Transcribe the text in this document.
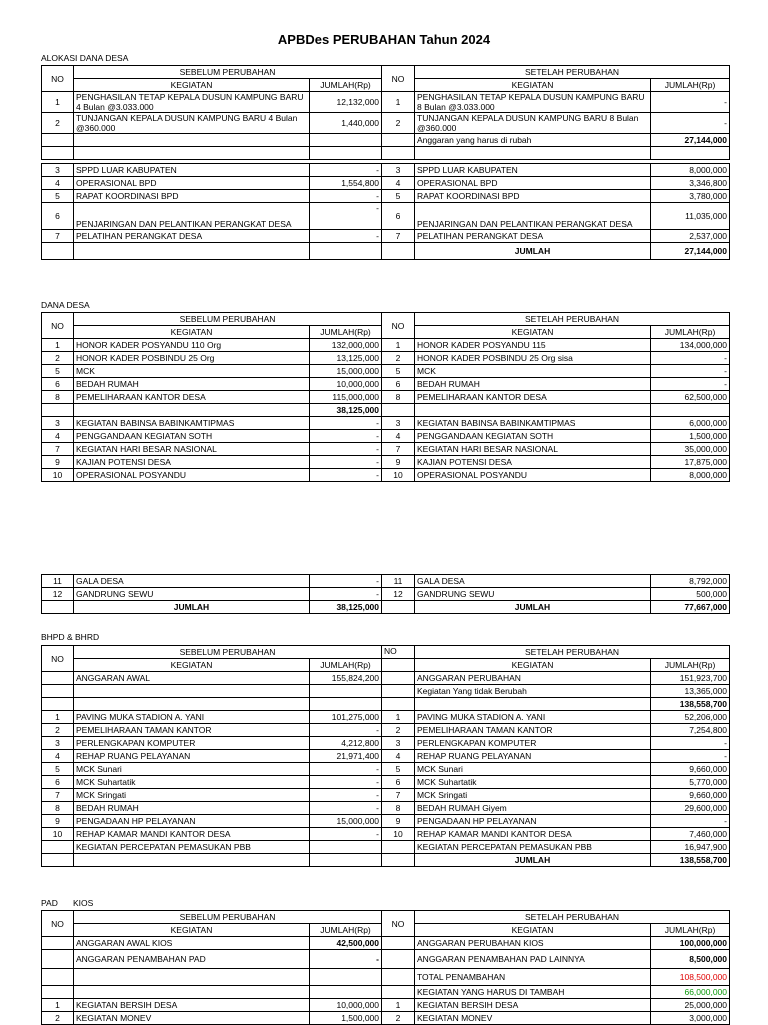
APBDes PERUBAHAN Tahun 2024
ALOKASI DANA DESA
NO	SEBELUM PERUBAHAN		NO	SETELAH PERUBAHAN	
	KEGIATAN	JUMLAH(Rp)		KEGIATAN	JUMLAH(Rp)
1	PENGHASILAN TETAP KEPALA DUSUN KAMPUNG BARU 4 Bulan @3.033.000	12,132,000	1	PENGHASILAN TETAP KEPALA DUSUN KAMPUNG BARU 8 Bulan @3.033.000	-
2	TUNJANGAN KEPALA DUSUN KAMPUNG BARU 4 Bulan @360.000	1,440,000	2	TUNJANGAN KEPALA DUSUN KAMPUNG BARU 8 Bulan @360.000	-
				Anggaran yang harus di rubah	27,144,000

3	SPPD LUAR KABUPATEN	-	3	SPPD LUAR KABUPATEN	8,000,000
4	OPERASIONAL BPD	1,554,800	4	OPERASIONAL BPD	3,346,800
5	RAPAT KOORDINASI BPD	-	5	RAPAT KOORDINASI BPD	3,780,000
6	PENJARINGAN DAN PELANTIKAN PERANGKAT DESA	-	6	PENJARINGAN DAN PELANTIKAN PERANGKAT DESA	11,035,000
7	PELATIHAN PERANGKAT DESA	-	7	PELATIHAN PERANGKAT DESA	2,537,000
				JUMLAH	27,144,000
DANA DESA
NO	SEBELUM PERUBAHAN		NO	SETELAH PERUBAHAN	
	KEGIATAN	JUMLAH(Rp)		KEGIATAN	JUMLAH(Rp)
1	HONOR KADER POSYANDU 110 Org	132,000,000	1	HONOR KADER POSYANDU 115	134,000,000
2	HONOR KADER POSBINDU 25 Org	13,125,000	2	HONOR KADER POSBINDU 25 Org sisa	-
5	MCK	15,000,000	5	MCK	-
6	BEDAH RUMAH	10,000,000	6	BEDAH RUMAH	-
8	PEMELIHARAAN KANTOR DESA	115,000,000	8	PEMELIHARAAN KANTOR DESA	62,500,000
		38,125,000			
3	KEGIATAN BABINSA BABINKAMTIPMAS	-	3	KEGIATAN BABINSA BABINKAMTIPMAS	6,000,000
4	PENGGANDAAN KEGIATAN SOTH	-	4	PENGGANDAAN KEGIATAN SOTH	1,500,000
7	KEGIATAN HARI BESAR NASIONAL	-	7	KEGIATAN HARI BESAR NASIONAL	35,000,000
9	KAJIAN POTENSI DESA	-	9	KAJIAN POTENSI DESA	17,875,000
10	OPERASIONAL POSYANDU	-	10	OPERASIONAL POSYANDU	8,000,000
11	GALA DESA	-	11	GALA DESA	8,792,000
12	GANDRUNG SEWU	-	12	GANDRUNG SEWU	500,000
	JUMLAH	38,125,000		JUMLAH	77,667,000
BHPD & BHRD
NO	SEBELUM PERUBAHAN		NO	SETELAH PERUBAHAN	
	KEGIATAN	JUMLAH(Rp)		KEGIATAN	JUMLAH(Rp)
	ANGGARAN AWAL	155,824,200		ANGGARAN PERUBAHAN	151,923,700
				Kegiatan Yang tidak Berubah	13,365,000
					138,558,700
1	PAVING MUKA STADION A. YANI	101,275,000	1	PAVING MUKA STADION A. YANI	52,206,000
2	PEMELIHARAAN TAMAN KANTOR	-	2	PEMELIHARAAN TAMAN KANTOR	7,254,800
3	PERLENGKAPAN KOMPUTER	4,212,800	3	PERLENGKAPAN KOMPUTER	-
4	REHAP RUANG PELAYANAN	21,971,400	4	REHAP RUANG PELAYANAN	-
5	MCK Sunari	-	5	MCK Sunari	9,660,000
6	MCK Suhartatik	-	6	MCK Suhartatik	5,770,000
7	MCK Sringati	-	7	MCK Sringati	9,660,000
8	BEDAH RUMAH	-	8	BEDAH RUMAH Giyem	29,600,000
9	PENGADAAN HP PELAYANAN	15,000,000	9	PENGADAAN HP PELAYANAN	-
10	REHAP KAMAR MANDI KANTOR DESA	-	10	REHAP KAMAR MANDI KANTOR DESA	7,460,000
	KEGIATAN PERCEPATAN PEMASUKAN PBB			KEGIATAN PERCEPATAN PEMASUKAN PBB	16,947,900
				JUMLAH	138,558,700
PAD KIOS
NO	SEBELUM PERUBAHAN		NO	SETELAH PERUBAHAN	
	KEGIATAN	JUMLAH(Rp)		KEGIATAN	JUMLAH(Rp)
	ANGGARAN AWAL KIOS	42,500,000		ANGGARAN PERUBAHAN KIOS	100,000,000
	ANGGARAN PENAMBAHAN PAD	-		ANGGARAN PENAMBAHAN PAD LAINNYA	8,500,000
				TOTAL PENAMBAHAN	108,500,000
				KEGIATAN YANG HARUS DI TAMBAH	66,000,000
1	KEGIATAN BERSIH DESA	10,000,000	1	KEGIATAN BERSIH DESA	25,000,000
2	KEGIATAN MONEV	1,500,000	2	KEGIATAN MONEV	3,000,000
